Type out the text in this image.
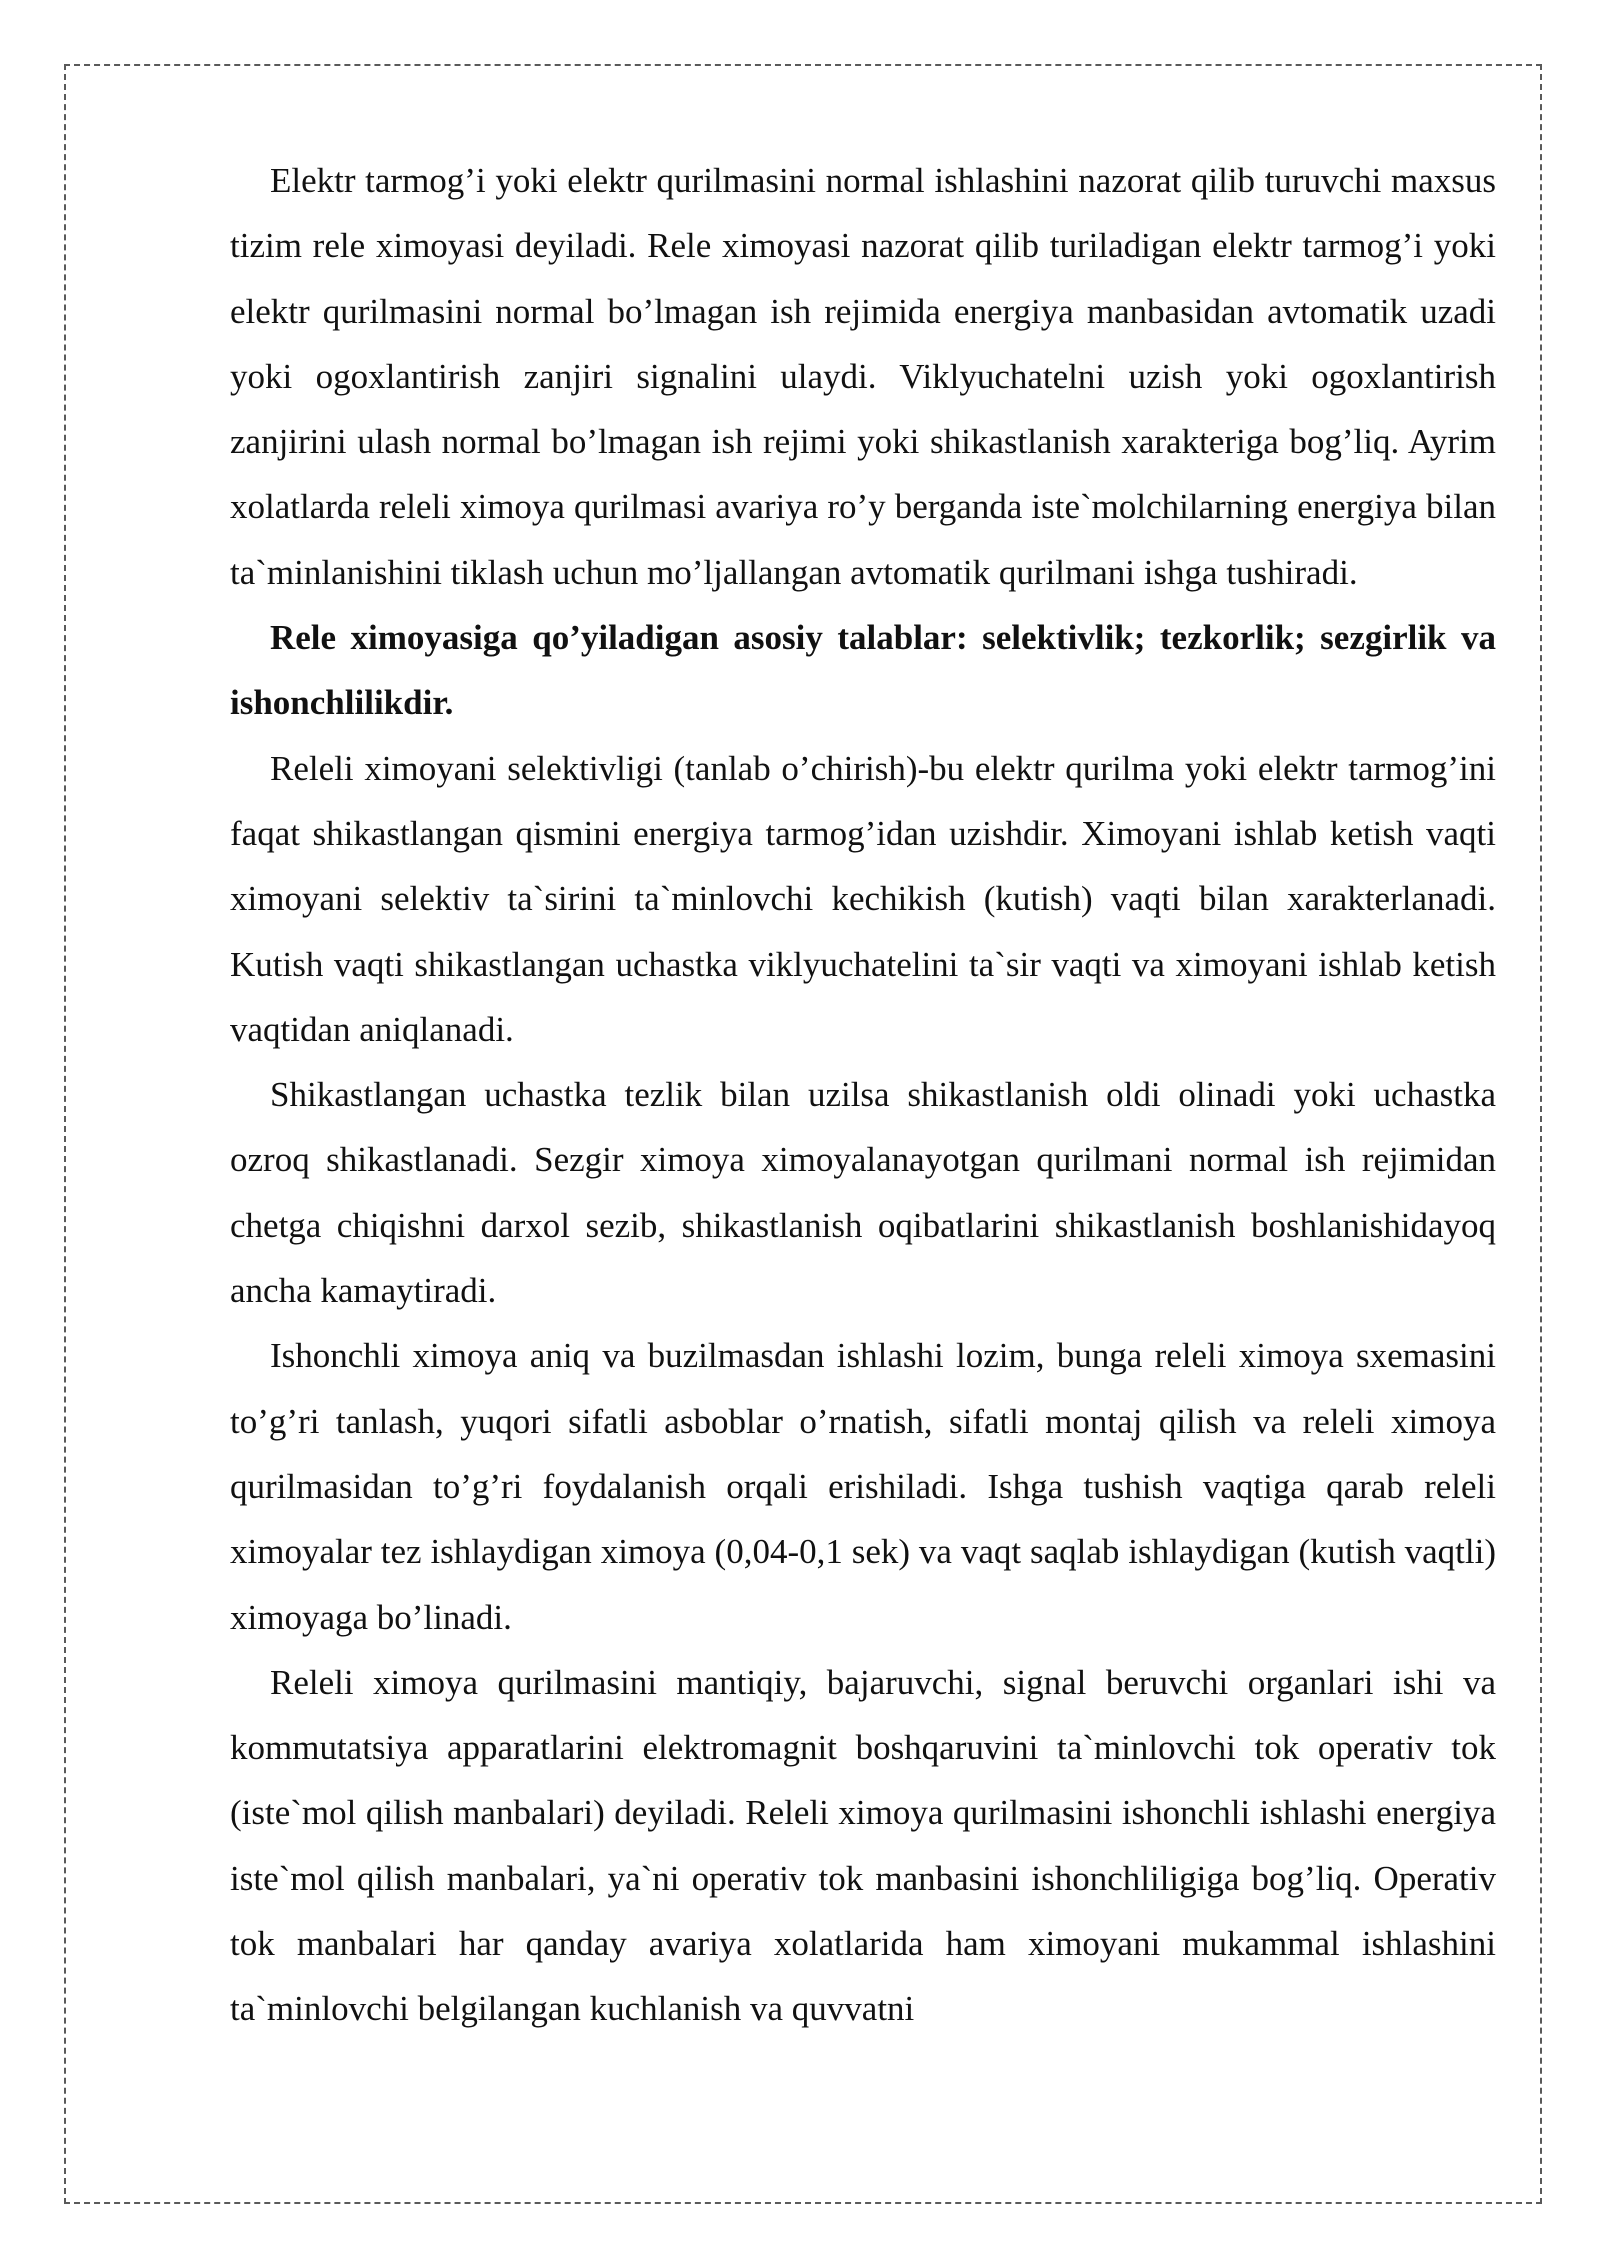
Elektr tarmog’i yoki elektr qurilmasini normal ishlashini nazorat qilib turuvchi maxsus tizim rele ximoyasi deyiladi. Rele ximoyasi nazorat qilib turiladigan elektr tarmog’i yoki elektr qurilmasini normal bo’lmagan ish rejimida energiya manbasidan avtomatik uzadi yoki ogoxlantirish zanjiri signalini ulaydi. Viklyuchatelni uzish yoki ogoxlantirish zanjirini ulash normal bo’lmagan ish rejimi yoki shikastlanish xarakteriga bog’liq. Ayrim xolatlarda releli ximoya qurilmasi avariya ro’y berganda iste`molchilarning energiya bilan ta`minlanishini tiklash uchun mo’ljallangan avtomatik qurilmani ishga tushiradi.

Rele ximoyasiga qo’yiladigan asosiy talablar: selektivlik; tezkorlik; sezgirlik va ishonchlilikdir.

Releli ximoyani selektivligi (tanlab o’chirish)-bu elektr qurilma yoki elektr tarmog’ini faqat shikastlangan qismini energiya tarmog’idan uzishdir. Ximoyani ishlab ketish vaqti ximoyani selektiv ta`sirini ta`minlovchi kechikish (kutish) vaqti bilan xarakterlanadi. Kutish vaqti shikastlangan uchastka viklyuchatelini ta`sir vaqti va ximoyani ishlab ketish vaqtidan aniqlanadi.

Shikastlangan uchastka tezlik bilan uzilsa shikastlanish oldi olinadi yoki uchastka ozroq shikastlanadi. Sezgir ximoya ximoyalanayotgan qurilmani normal ish rejimidan chetga chiqishni darxol sezib, shikastlanish oqibatlarini shikastlanish boshlanishidayoq ancha kamaytiradi.

Ishonchli ximoya aniq va buzilmasdan ishlashi lozim, bunga releli ximoya sxemasini to’g’ri tanlash, yuqori sifatli asboblar o’rnatish, sifatli montaj qilish va releli ximoya qurilmasidan to’g’ri foydalanish orqali erishiladi. Ishga tushish vaqtiga qarab releli ximoyalar tez ishlaydigan ximoya (0,04-0,1 sek) va vaqt saqlab ishlaydigan (kutish vaqtli) ximoyaga bo’linadi.

Releli ximoya qurilmasini mantiqiy, bajaruvchi, signal beruvchi organlari ishi va kommutatsiya apparatlarini elektromagnit boshqaruvini ta`minlovchi tok operativ tok (iste`mol qilish manbalari) deyiladi. Releli ximoya qurilmasini ishonchli ishlashi energiya iste`mol qilish manbalari, ya`ni operativ tok manbasini ishonchliligiga bog’liq. Operativ tok manbalari har qanday avariya xolatlarida ham ximoyani mukammal ishlashini ta`minlovchi belgilangan kuchlanish va quvvatni
